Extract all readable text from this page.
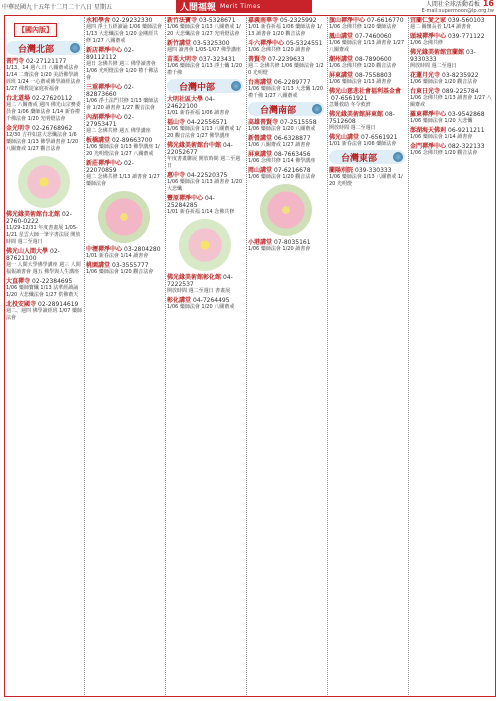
中華民國九十五年十二月二十八日 星期五	人間福報 Merit Times	人間社全球活動看板 16
E-mail:supermoon@lp.org.tw
【國內版】
台灣北部
普門寺 02-27121177
1/13、14 週六.日 八關齋戒法會 1/14 二齋法會 1/20 美語佛學讀經班 1/24 一心齋戒佛學讀經法會 1/27 佛教徒家庭祈福會
台北道場 02-27620112
週二 八關齋戒 週四 佛光山宗務委員會 1/06 藥師法會 1/14 新春禮千佛法會 1/20 光明燈法會
金光明寺 02-26768962
12/30 吉祥如意大悲懺法會 1/6 藥師法會 1/13 佛學讀書會 1/20 八關齋戒 1/27 觀音法會
佛光緣美術館台北館 02-2760-0222
11/29-12/31 年度書畫展 1/05-1/21 星雲大師一筆字書法展 開放時間 週二至週日
佛光山人間大學 02-87621100
週一 人間大學佛學講座 週三 人間福報讀書會 週五 佛學與人生講座
大直禪寺 02-22384695
1/06 藥師寶懺 1/13 法華經讀誦 1/20 大悲懺法會 1/27 供佛齋天
北投安國寺 02-28914619
週二、週四 佛學讀經班 1/07 藥師法會
永和學舍 02-29232330
週四 淨土五經讀誦 1/06 藥師法會 1/13 大悲懺法會 1/20 金剛經共修 1/27 八關齋戒
新店禪淨中心 02-89112112
週日 念佛共修 週三 佛學讀書會 1/06 光明燈法會 1/20 禮千佛法會
三重禪淨中心 02-82873660
1/06 淨土法門共修 1/13 藥師法會 1/20 讀書會 1/27 觀音法會
內湖禪淨中心 02-27953471
週二 念佛共修 週五 佛學講座
板橋講堂 02-89663700
1/06 藥師法會 1/13 佛學講座 1/20 光明燈法會 1/27 八關齋戒
新莊禪淨中心 02-22070859
週二 念佛共修 1/13 讀書會 1/27 藥師法會
中壢禪淨中心 03-2804280
1/01 新春法會 1/14 讀書會
桃園講堂 03-3555777
1/06 藥師法會 1/20 觀音法會
新竹法寶寺 03-5328671
1/06 藥師法會 1/13 八關齋戒 1/20 大悲懺法會 1/27 光明燈法會
新竹講堂 03-5325300
週四 讀書會 1/05-1/07 佛學講座
苗栗大明寺 037-323431
1/06 藥師法會 1/13 淨土懺 1/20 禮千佛
台灣中部
大明社區大學 04-24622100
1/01 新春祈福 1/06 讀書會
福山寺 04-22556571
1/06 藥師法會 1/13 八關齋戒 1/20 觀音法會 1/27 佛學講座
佛光緣美術館台中館 04-22052677
年度書畫聯展 開放時間 週二至週日
惠中寺 04-22520375
1/06 藥師法會 1/13 讀書會 1/20 大悲懺
豐原禪淨中心 04-25284285
1/01 新春祈福 1/14 念佛共修
佛光緣美術館彰化館 04-7222537
開放時間 週二至週日 書畫展
彰化講堂 04-7264495
1/06 藥師法會 1/20 八關齋戒
嘉義南華寺 05-2325992
1/01 新春祈福 1/06 藥師法會 1/13 讀書會 1/20 觀音法會
斗六禪淨中心 05-5324551
1/06 念佛共修 1/20 讀書會
普賢寺 07-2239633
週二 念佛共修 1/06 藥師法會 1/20 光明燈
台南講堂 06-2289777
1/06 藥師法會 1/13 大悲懺 1/20 禮千佛 1/27 八關齋戒
台灣南部
高雄普賢寺 07-2515558
1/06 藥師法會 1/20 八關齋戒
新營講堂 06-6328877
1/06 八關齋戒 1/27 讀書會
屏東講堂 08-7663456
1/06 念佛共修 1/14 佛學講座
岡山講堂 07-6216678
1/06 藥師法會 1/20 觀音法會
小港講堂 07-8035161
1/06 藥師法會 1/20 讀書會
旗山禪淨中心 07-6616770
1/06 念佛共修 1/20 藥師法會
鳳山講堂 07-7460060
1/06 藥師法會 1/13 讀書會 1/27 八關齋戒
潮州講堂 08-7890600
1/06 念佛共修 1/20 觀音法會
屏東講堂 08-7558803
1/06 藥師法會 1/13 讀書會
佛光山慈悲社會福利基金會07-6561921
急難救助 冬令救濟
佛光緣美術館屏東館 08-7512608
開放時間 週二至週日
佛光山講堂 07-6561921
1/01 新春法會 1/06 藥師法會
台灣東部
蘭陽別院 039-330333
1/06 藥師法會 1/13 八關齋戒 1/20 光明燈
宜蘭仁愛之家 039-560103
週二 關懷長者 1/14 讀書會
頭城禪淨中心 039-771122
1/06 念佛共修
佛光緣美術館宜蘭館 03-9330333
開放時間 週二至週日
花蓮月光寺 03-8235922
1/06 藥師法會 1/20 觀音法會
台東日光寺 089-225784
1/06 念佛共修 1/13 讀書會 1/27 八關齋戒
羅東禪淨中心 03-9542868
1/06 藥師法會 1/20 大悲懺
澎湖海天佛剎 06-9211211
1/06 藥師法會 1/14 讀書會
金門禪淨中心 082-322133
1/06 念佛共修 1/20 觀音法會
